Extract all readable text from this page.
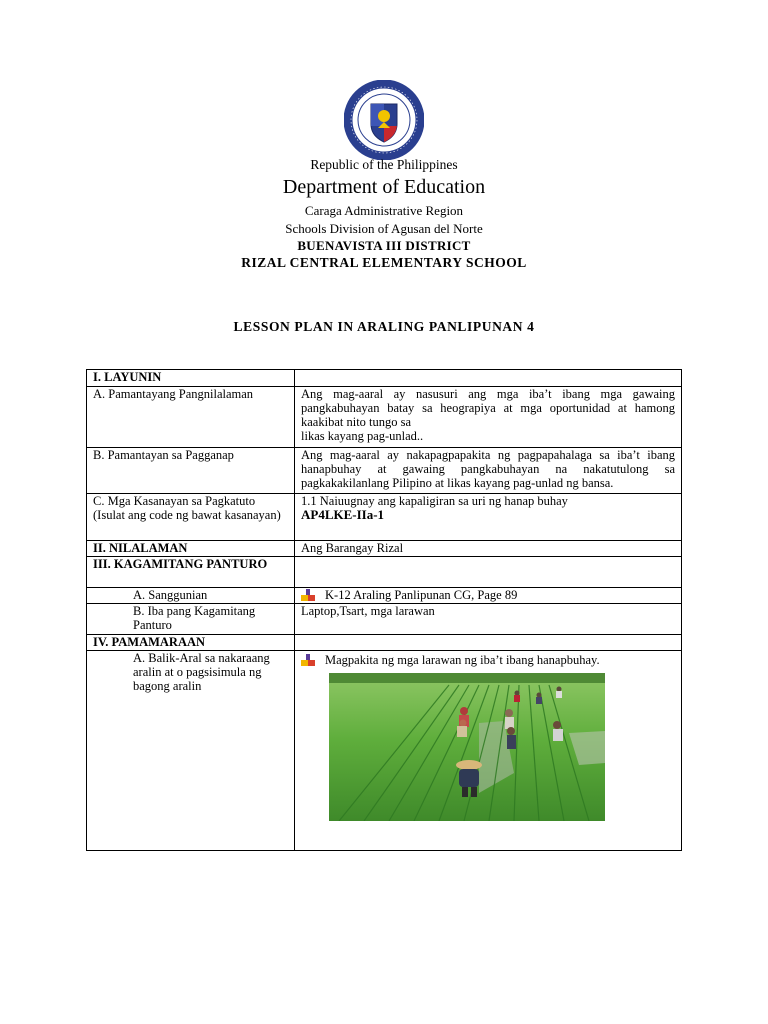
Republic of the Philippines
Department of Education
Caraga Administrative Region
Schools Division of Agusan del Norte
BUENAVISTA III DISTRICT
RIZAL CENTRAL ELEMENTARY SCHOOL
LESSON PLAN IN ARALING PANLIPUNAN 4
I. LAYUNIN	
A. Pamantayang Pangnilalaman	Ang mag-aaral ay nasusuri ang mga iba’t ibang mga gawaing pangkabuhayan batay sa heograpiya at mga oportunidad at hamong kaakibat nito tungo sa
likas kayang pag-unlad..

B. Pamantayan sa Pagganap	Ang mag-aaral ay nakapagpapakita ng pagpapahalaga sa iba’t ibang hanapbuhay at gawaing pangkabuhayan na nakatutulong sa pagkakakilanlang Pilipino at likas kayang pag-unlad ng bansa.
C. Mga Kasanayan sa Pagkatuto (Isulat ang code ng bawat kasanayan)	1.1 Naiuugnay ang kapaligiran sa uri ng hanap buhay
AP4LKE-IIa-1

II. NILALAMAN	Ang Barangay Rizal
III. KAGAMITANG PANTURO	
A. Sanggunian	K-12 Araling Panlipunan CG, Page 89

B. Iba pang Kagamitang Panturo	Laptop,Tsart, mga larawan
IV. PAMAMARAAN	
A. Balik-Aral sa nakaraang aralin at o pagsisimula ng bagong aralin	Magpakita ng mga larawan ng iba’t ibang hanapbuhay.
